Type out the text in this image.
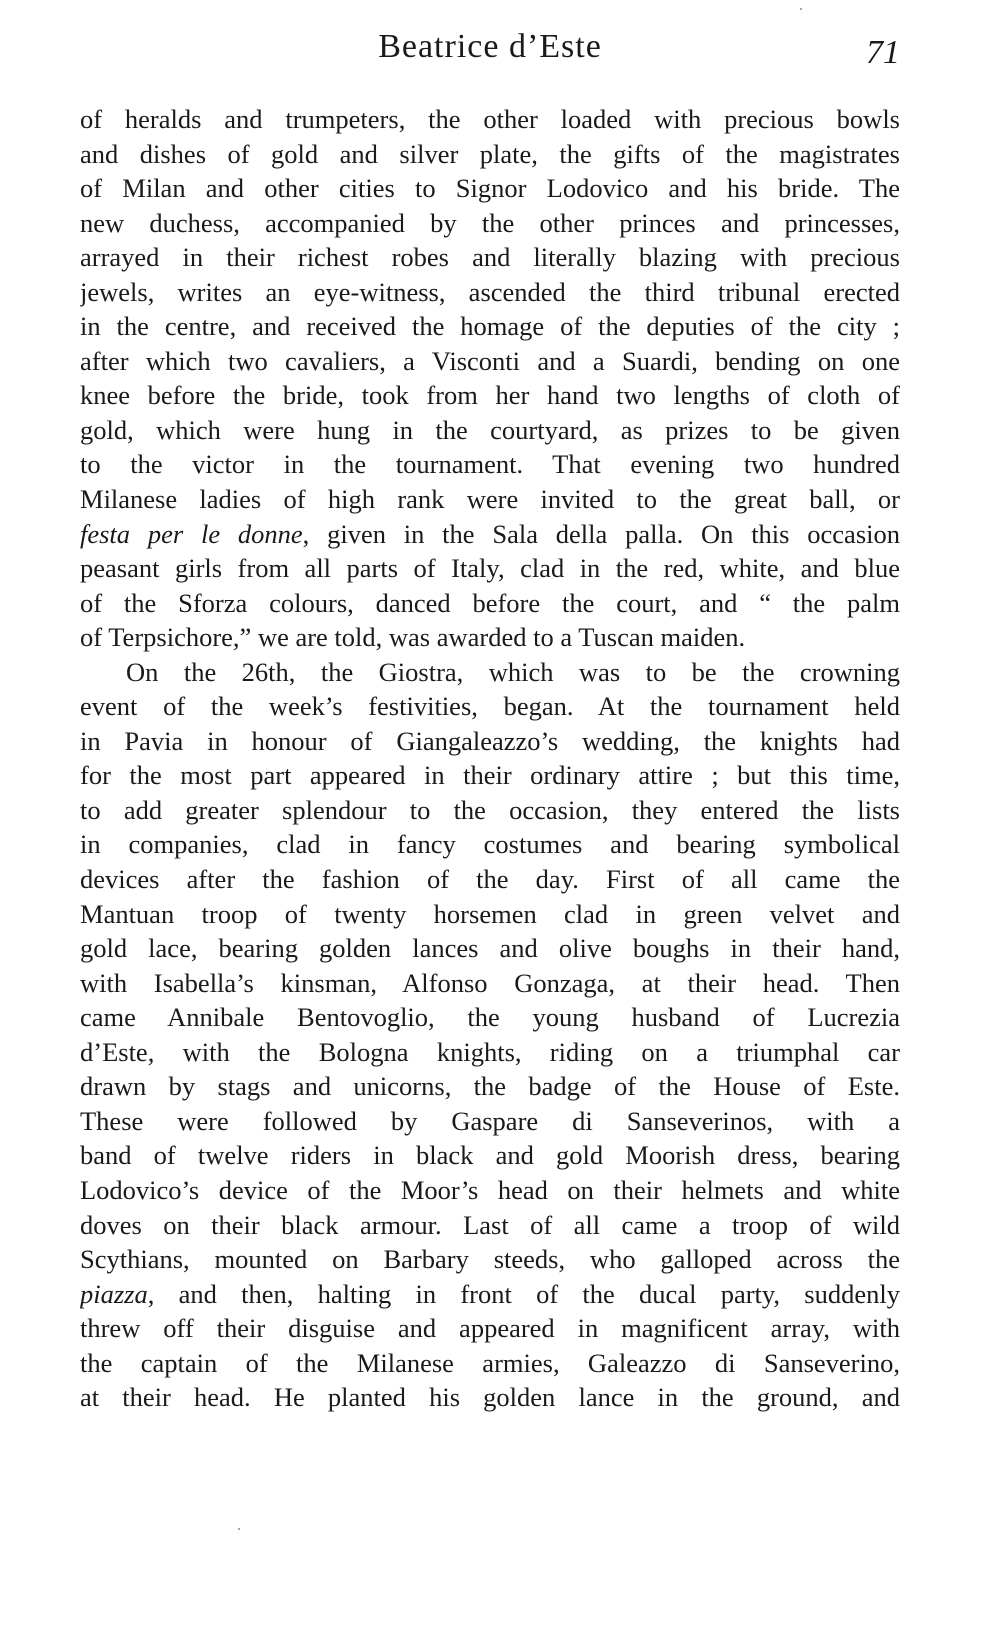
Beatrice d’Este	71
of heralds and trumpeters, the other loaded with precious bowls
and dishes of gold and silver plate, the gifts of the magistrates
of Milan and other cities to Signor Lodovico and his bride. The
new duchess, accompanied by the other princes and princesses,
arrayed in their richest robes and literally blazing with precious
jewels, writes an eye-witness, ascended the third tribunal erected
in the centre, and received the homage of the deputies of the city ;
after which two cavaliers, a Visconti and a Suardi, bending on one
knee before the bride, took from her hand two lengths of cloth of
gold, which were hung in the courtyard, as prizes to be given
to the victor in the tournament. That evening two hundred
Milanese ladies of high rank were invited to the great ball, or
festa per le donne, given in the Sala della palla. On this occasion
peasant girls from all parts of Italy, clad in the red, white, and blue
of the Sforza colours, danced before the court, and “ the palm
of Terpsichore,” we are told, was awarded to a Tuscan maiden.
On the 26th, the Giostra, which was to be the crowning
event of the week’s festivities, began. At the tournament held
in Pavia in honour of Giangaleazzo’s wedding, the knights had
for the most part appeared in their ordinary attire ; but this time,
to add greater splendour to the occasion, they entered the lists
in companies, clad in fancy costumes and bearing symbolical
devices after the fashion of the day. First of all came the
Mantuan troop of twenty horsemen clad in green velvet and
gold lace, bearing golden lances and olive boughs in their hand,
with Isabella’s kinsman, Alfonso Gonzaga, at their head. Then
came Annibale Bentovoglio, the young husband of Lucrezia
d’Este, with the Bologna knights, riding on a triumphal car
drawn by stags and unicorns, the badge of the House of Este.
These were followed by Gaspare di Sanseverinos, with a
band of twelve riders in black and gold Moorish dress, bearing
Lodovico’s device of the Moor’s head on their helmets and white
doves on their black armour. Last of all came a troop of wild
Scythians, mounted on Barbary steeds, who galloped across the
piazza, and then, halting in front of the ducal party, suddenly
threw off their disguise and appeared in magnificent array, with
the captain of the Milanese armies, Galeazzo di Sanseverino,
at their head. He planted his golden lance in the ground, and
